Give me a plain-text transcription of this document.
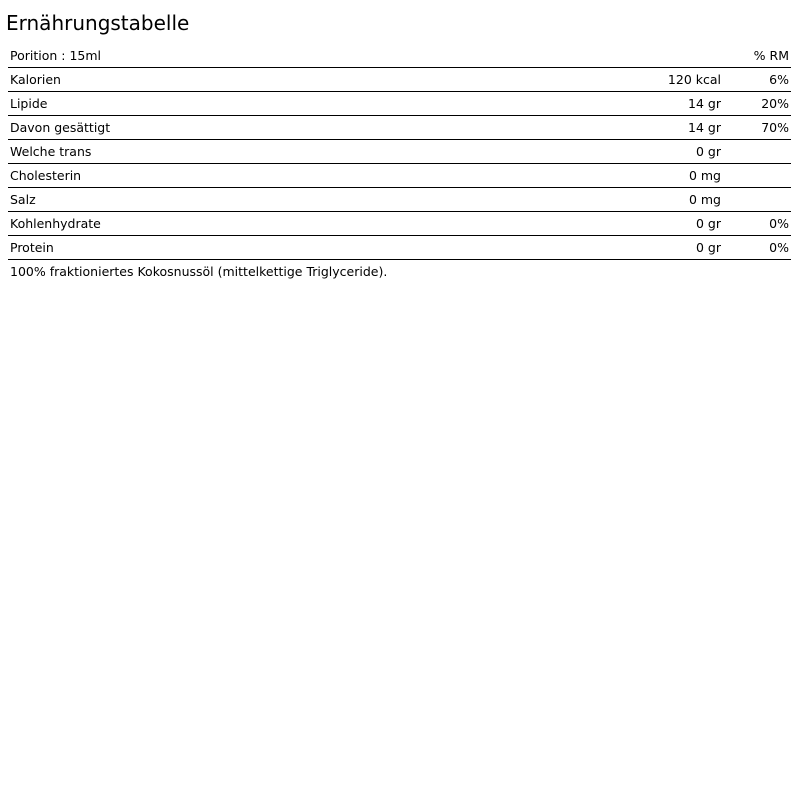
Ernährungstabelle
Porition : 15ml		% RM
Kalorien	120 kcal	6%
Lipide	14 gr	20%
Davon gesättigt	14 gr	70%
Welche trans	0 gr	
Cholesterin	0 mg	
Salz	0 mg	
Kohlenhydrate	0 gr	0%
Protein	0 gr	0%

100% fraktioniertes Kokosnussöl (mittelkettige Triglyceride).
